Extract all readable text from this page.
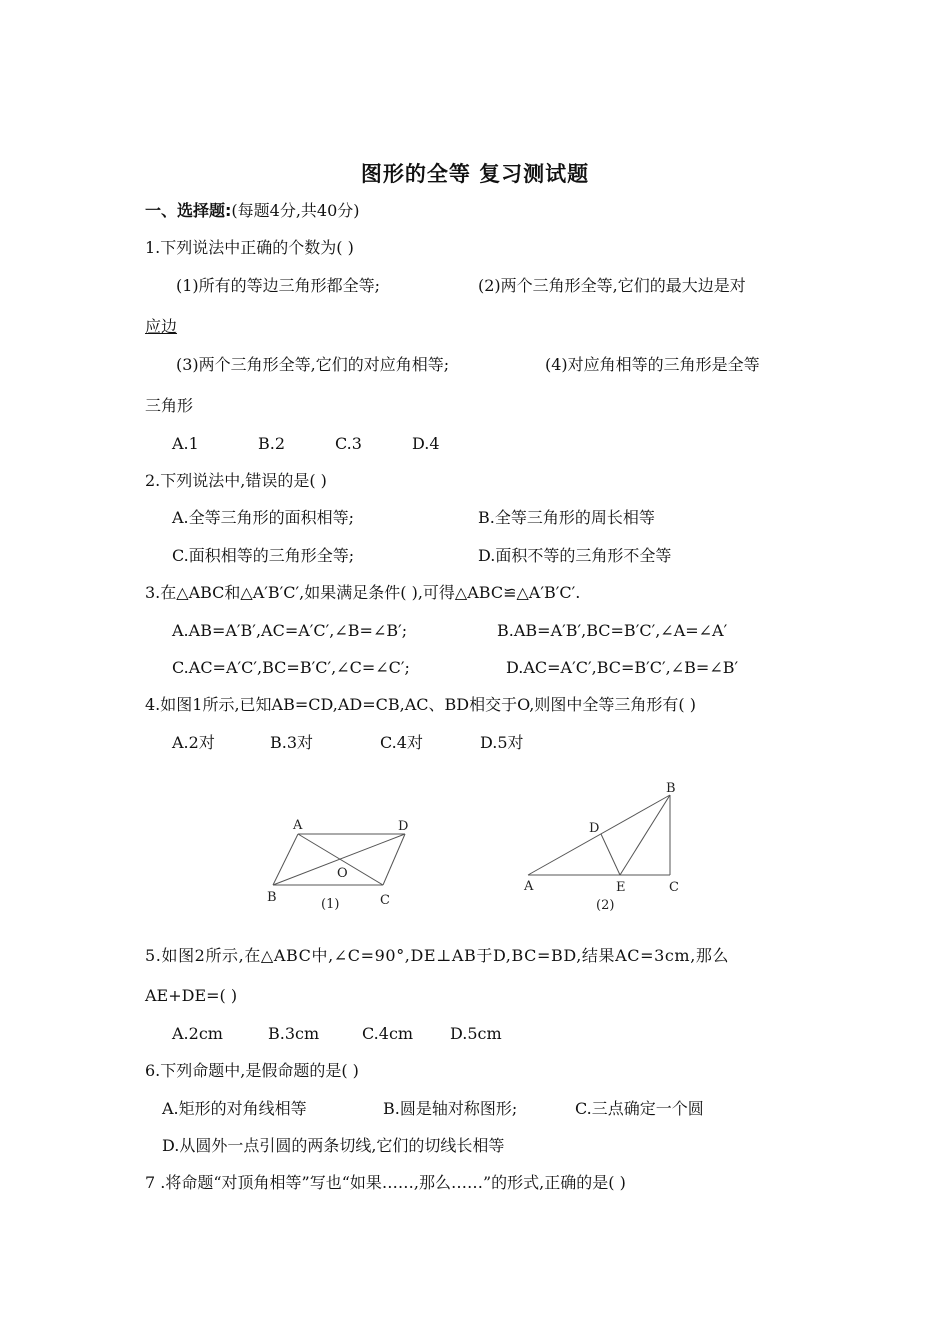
图形的全等 复习测试题
一、选择题:(每题4分,共40分)
1.下列说法中正确的个数为( )
(1)所有的等边三角形都全等;	(2)两个三角形全等,它们的最大边是对
应边
(3)两个三角形全等,它们的对应角相等;	(4)对应角相等的三角形是全等
三角形
A.1	B.2	C.3	D.4
2.下列说法中,错误的是( )
A.全等三角形的面积相等;	B.全等三角形的周长相等
C.面积相等的三角形全等;	D.面积不等的三角形不全等
3.在△ABC和△A′B′C′,如果满足条件( ),可得△ABC≌△A′B′C′.
A.AB=A′B′,AC=A′C′,∠B=∠B′;	B.AB=A′B′,BC=B′C′,∠A=∠A′
C.AC=A′C′,BC=B′C′,∠C=∠C′;	D.AC=A′C′,BC=B′C′,∠B=∠B′
4.如图1所示,已知AB=CD,AD=CB,AC、BD相交于O,则图中全等三角形有( )
A.2对	B.3对	C.4对	D.5对
A	D
O
B	C
(1)
B
D
A	E	C
(2)
5.如图2所示,在△ABC中,∠C=90°,DE⊥AB于D,BC=BD,结果AC=3cm,那么
AE+DE=( )
A.2cm	B.3cm	C.4cm D.5cm
6.下列命题中,是假命题的是( )
A.矩形的对角线相等	B.圆是轴对称图形;	C.三点确定一个圆
D.从圆外一点引圆的两条切线,它们的切线长相等
7 .将命题“对顶角相等”写也“如果……,那么……”的形式,正确的是( )
